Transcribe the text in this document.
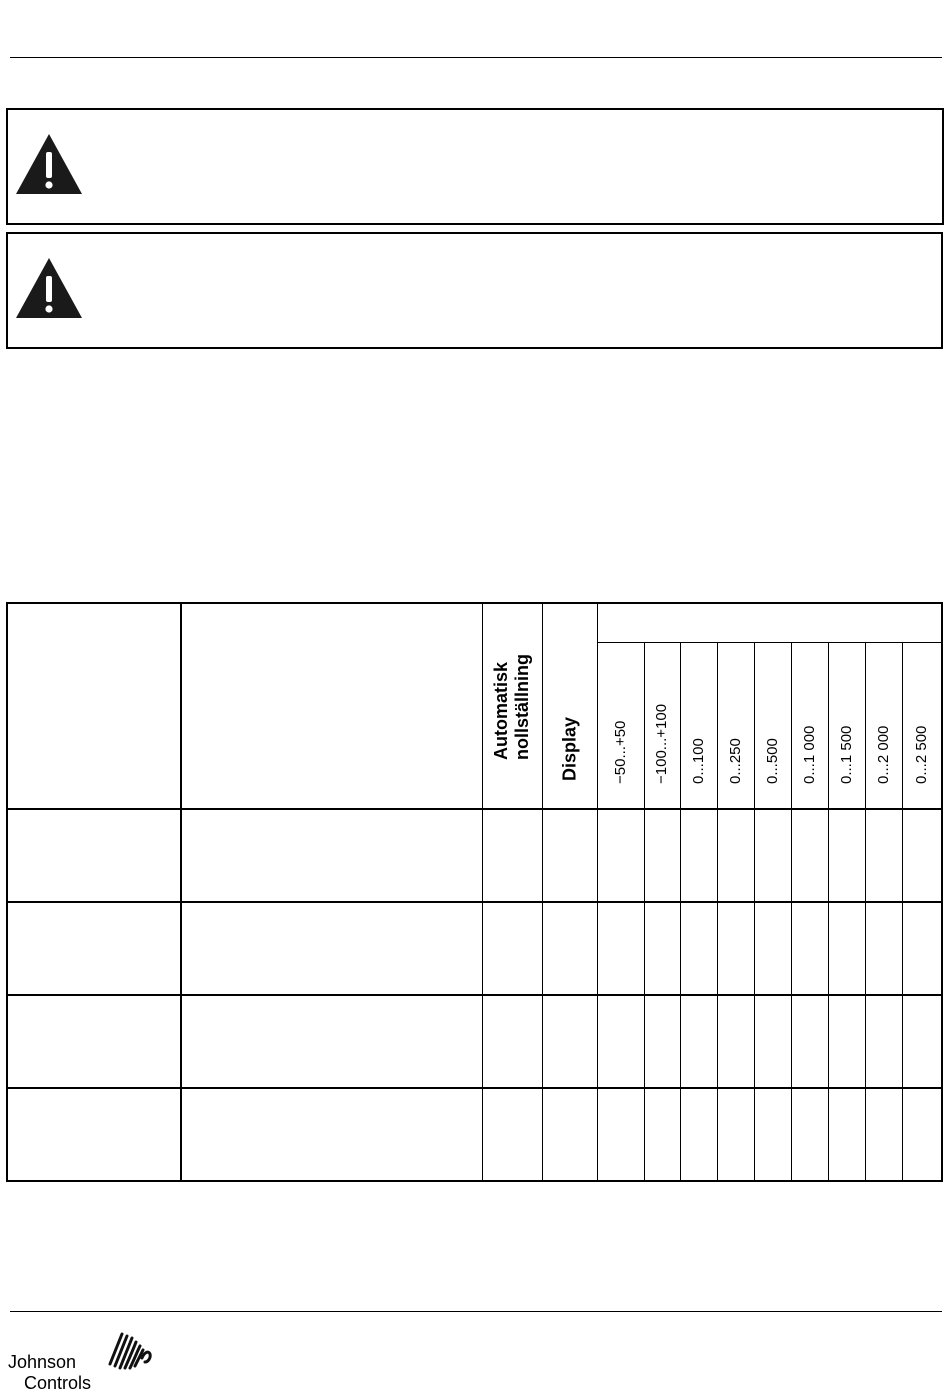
		Automatisk nollställning	Display									

				−50...+50	−100...+100	0...100	0...250	0...500	0...1 000	0...1 500	0...2 000	0...2 500

Johnson
Controls
